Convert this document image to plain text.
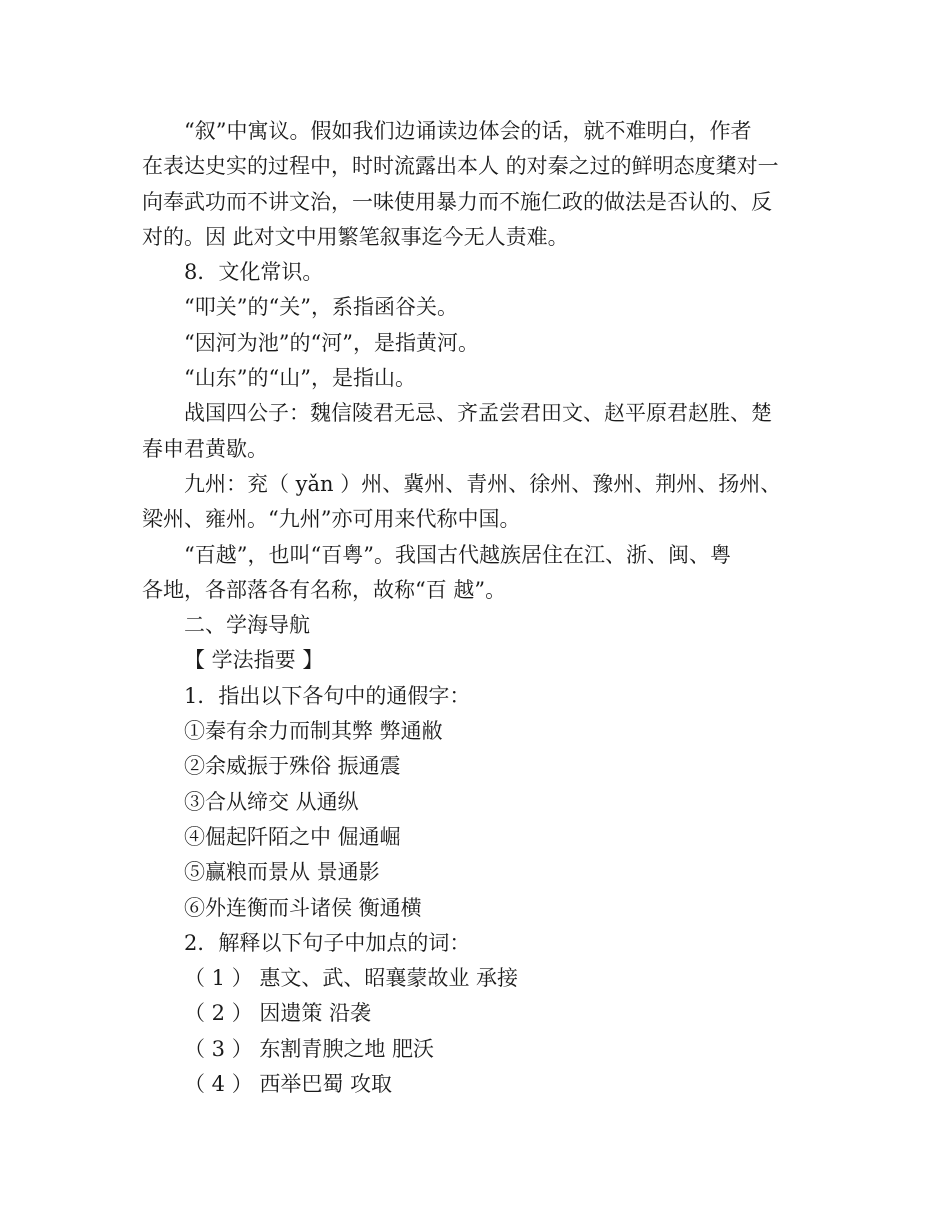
“叙”中寓议。假如我们边诵读边体会的话，就不难明白，作者

在表达史实的过程中，时时流露出本人 的对秦之过的鲜明态度橥对一

向奉武功而不讲文治，一味使用暴力而不施仁政的做法是否认的、反

对的。因 此对文中用繁笔叙事迄今无人责难。

8．文化常识。

“叩关”的“关”，系指函谷关。

“因河为池”的“河”，是指黄河。

“山东”的“山”，是指山。

战国四公子：魏信陵君无忌、齐孟尝君田文、赵平原君赵胜、楚

春申君黄歇。

九州：兖（ yǎn ）州、冀州、青州、徐州、豫州、荆州、扬州、

梁州、雍州。“九州”亦可用来代称中国。

“百越”，也叫“百粤”。我国古代越族居住在江、浙、闽、粤

各地，各部落各有名称，故称“百 越”。

二、学海导航

【 学法指要 】

1．指出以下各句中的通假字：

①秦有余力而制其弊 弊通敝

②余威振于殊俗 振通震

③合从缔交 从通纵

④倔起阡陌之中 倔通崛

⑤赢粮而景从 景通影

⑥外连衡而斗诸侯 衡通横

2．解释以下句子中加点的词：

（ 1 ） 惠文、武、昭襄蒙故业 承接

（ 2 ） 因遗策 沿袭

（ 3 ） 东割青腴之地 肥沃

（ 4 ） 西举巴蜀 攻取
